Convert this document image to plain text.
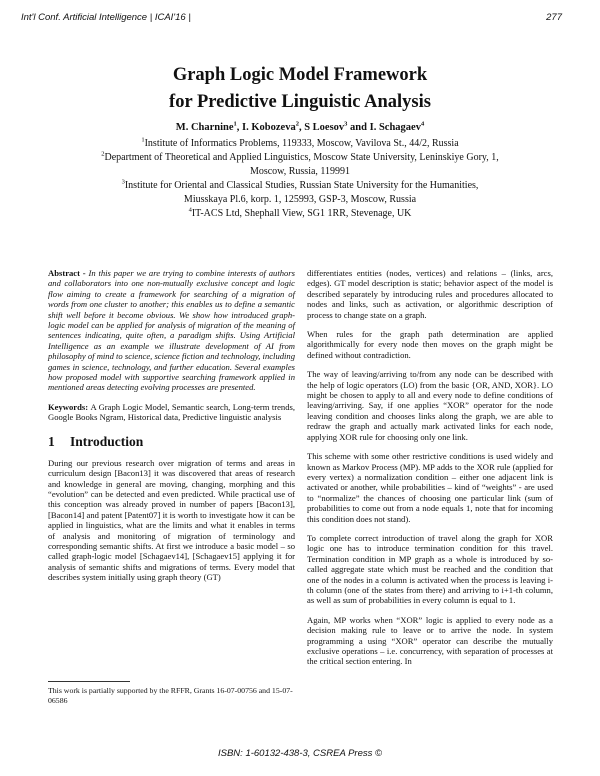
Int'l Conf. Artificial Intelligence | ICAI'16 |	277
Graph Logic Model Framework
for Predictive Linguistic Analysis
M. Charnine$^1$, I. Kobozeva$^2$, S Loesov$^3$ and I. Schagaev$^4$
$^1$Institute of Informatics Problems, 119333, Moscow, Vavilova St., 44/2, Russia
$^2$Department of Theoretical and Applied Linguistics, Moscow State University, Leninskiye Gory, 1, Moscow, Russia, 119991
$^3$Institute for Oriental and Classical Studies, Russian State University for the Humanities, Miusskaya Pl.6, korp. 1, 125993, GSP-3, Moscow, Russia
$^4$IT-ACS Ltd, Shephall View, SG1 1RR, Stevenage, UK

Abstract - In this paper we are trying to combine interests of authors and collaborators into one non-mutually exclusive concept and logic flow aiming to create a framework for searching of a migration of words from one cluster to another; this enables us to define a semantic shift well before it become obvious. We show how introduced graph-logic model can be applied for analysis of migration of the meaning of sentences indicating, quite often, a paradigm shifts. Using Artificial Intelligence as an example we illustrate development of AI from philosophy of mind to science, science fiction and technology, including games in science, technology, and further education. Several examples how proposed model with supportive searching framework applied in mentioned areas detecting evolving processes are presented.

Keywords: A Graph Logic Model, Semantic search, Long-term trends, Google Books Ngram, Historical data, Predictive linguistic analysis

1 Introduction

During our previous research over migration of terms and areas in curriculum design [Bacon13] it was discovered that areas of research and knowledge in general are moving, changing, morphing and this “evolution” can be detected and even predicted. While practical use of this conception was already proved in number of papers [Bacon13], [Bacon14] and patent [Patent07] it is worth to investigate how it can be applied in linguistics, what are the limits and what it enables in terms of analysis and monitoring of migration of terminology and corresponding semantic shifts. At first we introduce a basic model – so called graph-logic model [Schagaev14], [Schagaev15] applying it for analysis of semantic shifts and migrations of terms. Every model that describes system initially using graph theory (GT)

This work is partially supported by the RFFR, Grants 16-07-00756 and 15-07-06586

differentiates entities (nodes, vertices) and relations – (links, arcs, edges). GT model description is static; behavior aspect of the model is described separately by introducing rules and procedures allocated to nodes and links, such as activation, or algorithmic description of process to change state on a graph.

When rules for the graph path determination are applied algorithmically for every node then moves on the graph might be defined without contradiction.

The way of leaving/arriving to/from any node can be described with the help of logic operators (LO) from the basic {OR, AND, XOR}. LO might be chosen to apply to all and every node to define conditions of leaving/arriving. Say, if one applies “XOR” operator for the node leaving condition and chooses links along the graph, we are able to redraw the graph and actually mark activated links for each node, applying XOR rule for choosing only one link.

This scheme with some other restrictive conditions is used widely and known as Markov Process (MP). MP adds to the XOR rule (applied for every vertex) a normalization condition – either one adjacent link is activated or another, while probabilities – kind of “weights” - are used to “normalize” the chances of choosing one particular link (sum of probabilities to come out from a node equals 1, note that for incoming this condition does not stand).

To complete correct introduction of travel along the graph for XOR logic one has to introduce termination condition for this travel. Termination condition in MP graph as a whole is introduced by so-called aggregate state which must be reached and the condition that one of the nodes in a column is activated when the process is leaving i-th column (one of the states from there) and arriving to i+1-th column, as well as sum of probabilities in every column is equal to 1.

Again, MP works when “XOR” logic is applied to every node as a decision making rule to leave or to arrive the node. In system programming a using “XOR” operator can describe the mutually exclusive operations – i.e. concurrency, with separation of processes at the critical section entering. In

ISBN: 1-60132-438-3, CSREA Press ©
